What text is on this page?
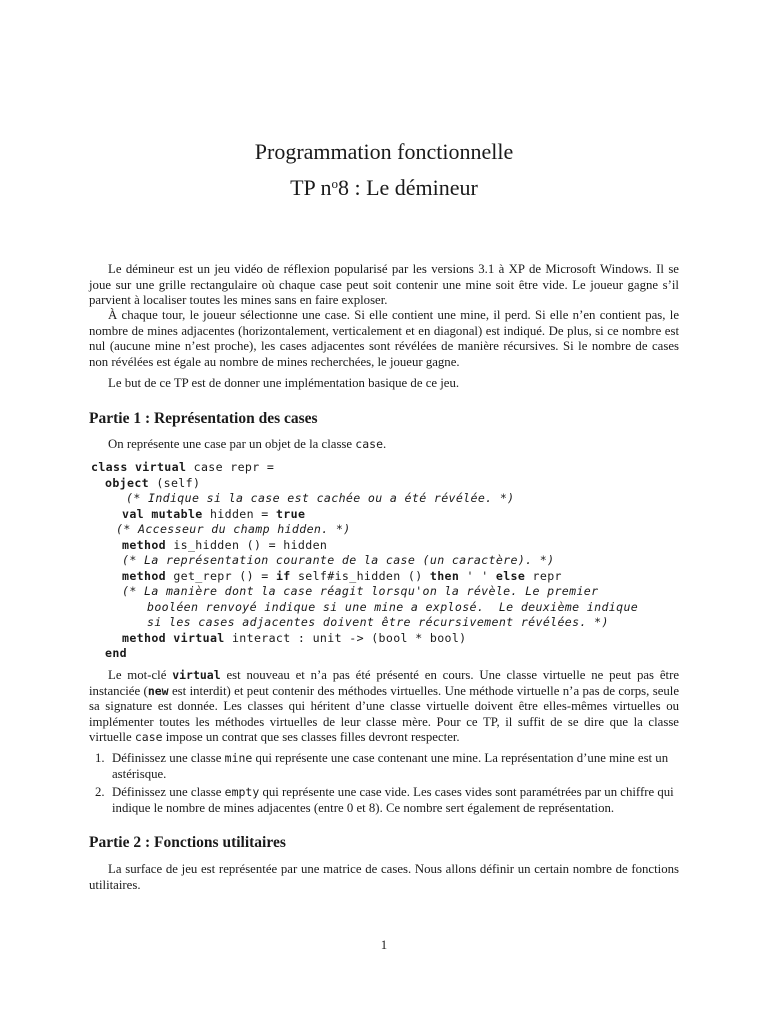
Programmation fonctionnelle
TP $n^o8$ : Le démineur
Le démineur est un jeu vidéo de réflexion popularisé par les versions 3.1 à XP de Microsoft Windows. Il se joue sur une grille rectangulaire où chaque case peut soit contenir une mine soit être vide. Le joueur gagne s’il parvient à localiser toutes les mines sans en faire exploser.
À chaque tour, le joueur sélectionne une case. Si elle contient une mine, il perd. Si elle n’en contient pas, le nombre de mines adjacentes (horizontalement, verticalement et en diagonal) est indiqué. De plus, si ce nombre est nul (aucune mine n’est proche), les cases adjacentes sont révélées de manière récursives. Si le nombre de cases non révélées est égale au nombre de mines recherchées, le joueur gagne.
Le but de ce TP est de donner une implémentation basique de ce jeu.
Partie 1 : Représentation des cases
On représente une case par un objet de la classe case.
class virtual case repr =
object (self)
(* Indique si la case est cachée ou a été révélée. *)
val mutable hidden = true
(* Accesseur du champ hidden. *)
method is_hidden () = hidden
(* La représentation courante de la case (un caractère). *)
method get_repr () = if self#is_hidden () then ' ' else repr
(* La manière dont la case réagit lorsqu'on la révèle. Le premier
booléen renvoyé indique si une mine a explosé.  Le deuxième indique
si les cases adjacentes doivent être récursivement révélées. *)
method virtual interact : unit -> (bool * bool)
end
Le mot-clé virtual est nouveau et n’a pas été présenté en cours. Une classe virtuelle ne peut pas être instanciée (new est interdit) et peut contenir des méthodes virtuelles. Une méthode virtuelle n’a pas de corps, seule sa signature est donnée. Les classes qui héritent d’une classe virtuelle doivent être elles-mêmes virtuelles ou implémenter toutes les méthodes virtuelles de leur classe mère. Pour ce TP, il suffit de se dire que la classe virtuelle case impose un contrat que ses classes filles devront respecter.
1. Définissez une classe mine qui représente une case contenant une mine. La représentation d’une mine est un astérisque.
2. Définissez une classe empty qui représente une case vide. Les cases vides sont paramétrées par un chiffre qui indique le nombre de mines adjacentes (entre 0 et 8). Ce nombre sert également de représentation.
Partie 2 : Fonctions utilitaires
La surface de jeu est représentée par une matrice de cases. Nous allons définir un certain nombre de fonctions utilitaires.
1
